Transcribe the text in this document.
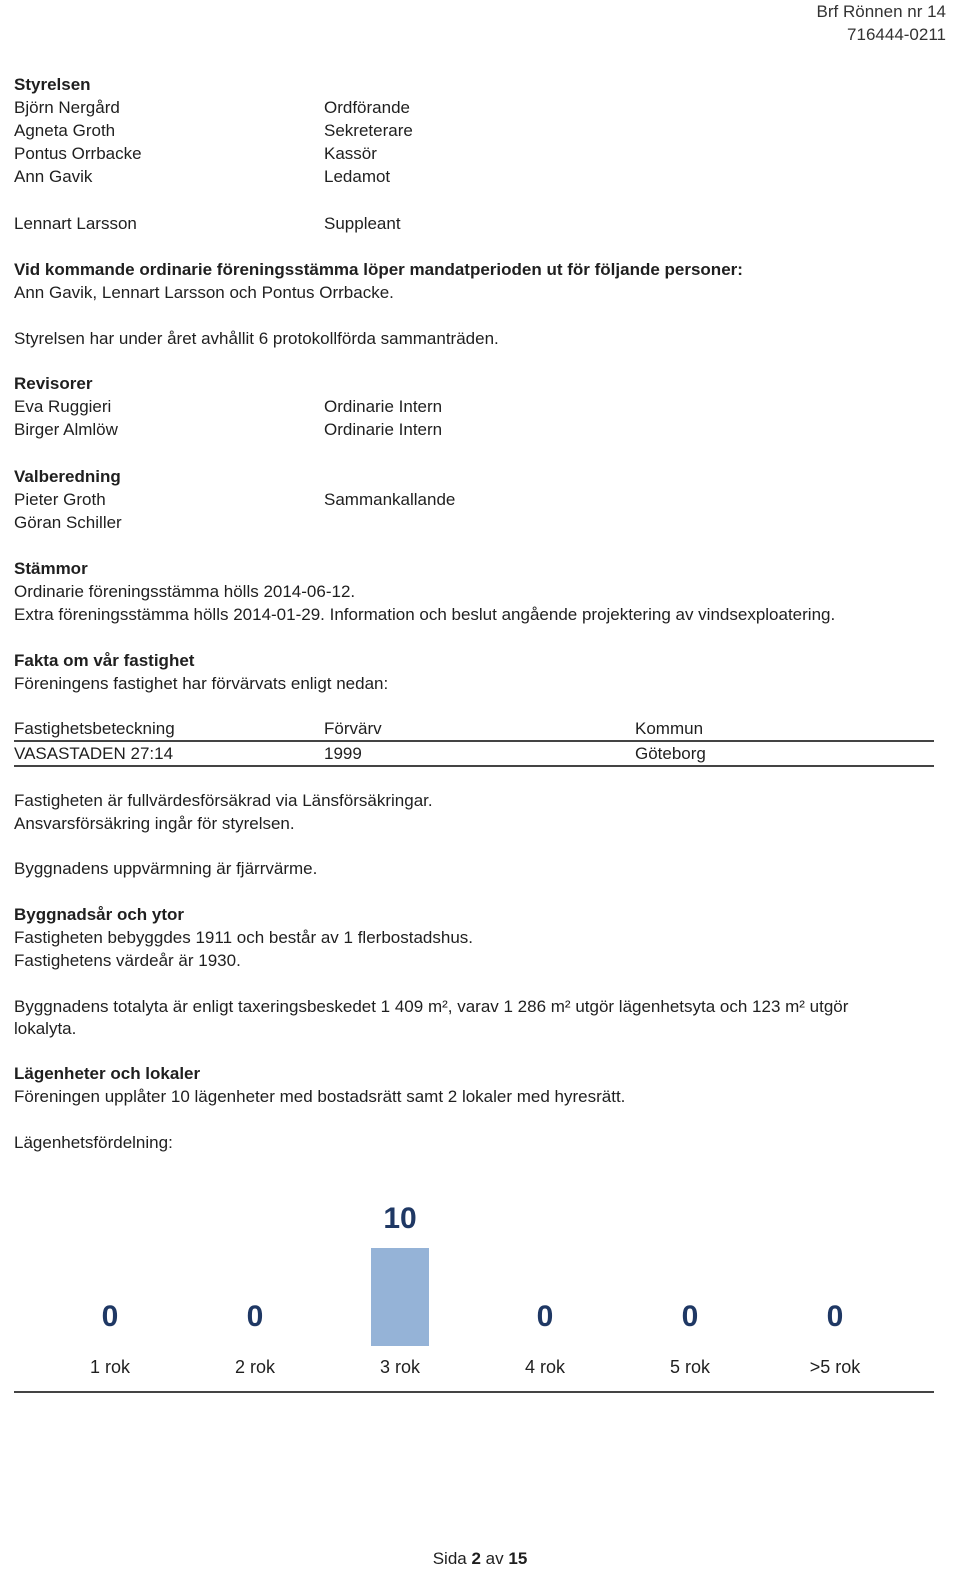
Brf Rönnen nr 14
716444-0211
Styrelsen
Björn Nergård	Ordförande
Agneta Groth	Sekreterare
Pontus Orrbacke	Kassör
Ann Gavik	Ledamot
Lennart Larsson	Suppleant
Vid kommande ordinarie föreningsstämma löper mandatperioden ut för följande personer:
Ann Gavik, Lennart Larsson och Pontus Orrbacke.
Styrelsen har under året avhållit 6 protokollförda sammanträden.
Revisorer
Eva Ruggieri	Ordinarie Intern
Birger Almlöw	Ordinarie Intern
Valberedning
Pieter Groth	Sammankallande
Göran Schiller
Stämmor
Ordinarie föreningsstämma hölls 2014-06-12.
Extra föreningsstämma hölls 2014-01-29. Information och beslut angående projektering av vindsexploatering.
Fakta om vår fastighet
Föreningens fastighet har förvärvats enligt nedan:
Fastighetsbeteckning	Förvärv	Kommun
VASASTADEN 27:14	1999	Göteborg
Fastigheten är fullvärdesförsäkrad via Länsförsäkringar.
Ansvarsförsäkring ingår för styrelsen.
Byggnadens uppvärmning är fjärrvärme.
Byggnadsår och ytor
Fastigheten bebyggdes 1911 och består av 1 flerbostadshus.
Fastighetens värdeår är 1930.
Byggnadens totalyta är enligt taxeringsbeskedet 1 409 m², varav 1 286 m² utgör lägenhetsyta och 123 m² utgör
lokalyta.
Lägenheter och lokaler
Föreningen upplåter 10 lägenheter med bostadsrätt samt 2 lokaler med hyresrätt.
Lägenhetsfördelning:
0
1 rok
0
2 rok
10
3 rok
0
4 rok
0
5 rok
0
>5 rok
Sida 2 av 15
